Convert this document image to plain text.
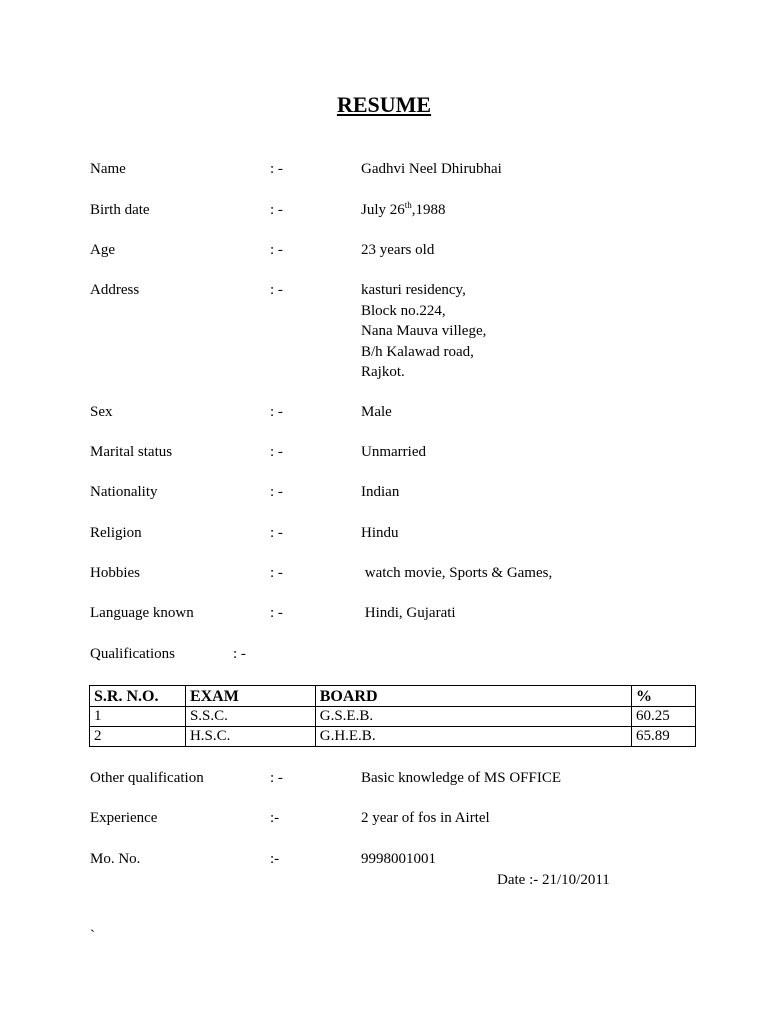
RESUME
Name	: -	Gadhvi Neel Dhirubhai
Birth date	: -	July 26th,1988
Age	: -	23 years old
Address	: -	kasturi residency,
Block no.224,
Nana Mauva villege,
B/h Kalawad road,
Rajkot.
Sex	: -	Male
Marital status	: -	Unmarried
Nationality	: -	Indian
Religion	: -	Hindu
Hobbies	: -	watch movie, Sports & Games,
Language known	: -	Hindi, Gujarati
Qualifications	: -
S.R. N.O.	EXAM	BOARD	%
1	S.S.C.	G.S.E.B.	60.25
2	H.S.C.	G.H.E.B.	65.89
Other qualification	: -	Basic knowledge of MS OFFICE
Experience	:-	2 year of fos in Airtel
Mo. No.	:-	9998001001
Date :- 21/10/2011
`
